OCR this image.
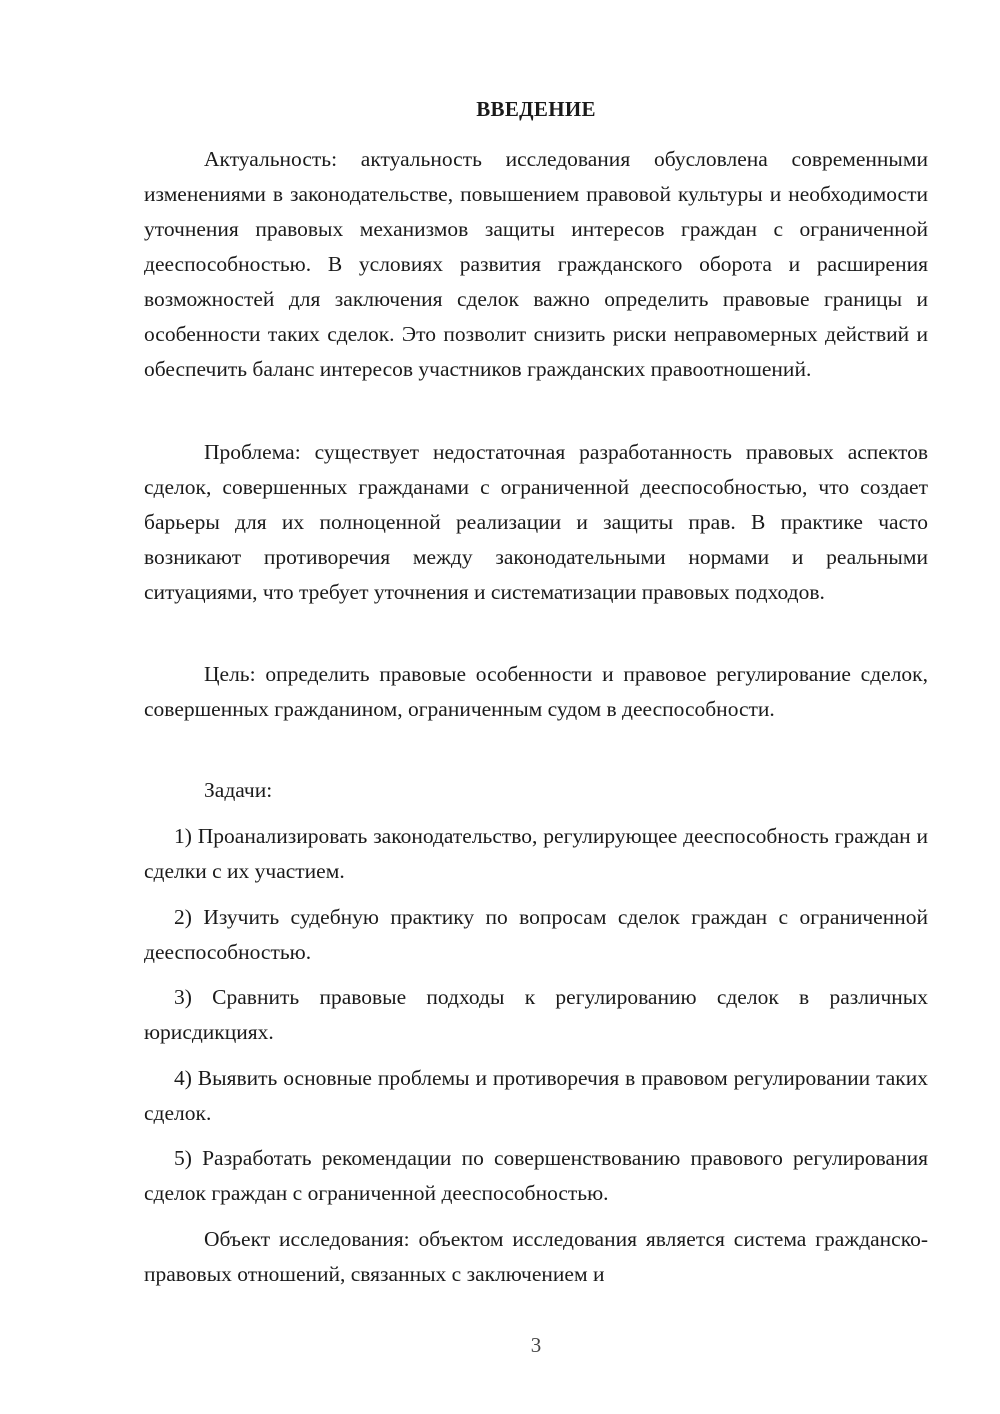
ВВЕДЕНИЕ

Актуальность: актуальность исследования обусловлена современными изменениями в законодательстве, повышением правовой культуры и необходимости уточнения правовых механизмов защиты интересов граждан с ограниченной дееспособностью. В условиях развития гражданского оборота и расширения возможностей для заключения сделок важно определить правовые границы и особенности таких сделок. Это позволит снизить риски неправомерных действий и обеспечить баланс интересов участников гражданских правоотношений.

Проблема: существует недостаточная разработанность правовых аспектов сделок, совершенных гражданами с ограниченной дееспособностью, что создает барьеры для их полноценной реализации и защиты прав. В практике часто возникают противоречия между законодательными нормами и реальными ситуациями, что требует уточнения и систематизации правовых подходов.

Цель: определить правовые особенности и правовое регулирование сделок, совершенных гражданином, ограниченным судом в дееспособности.

Задачи:

1) Проанализировать законодательство, регулирующее дееспособность граждан и сделки с их участием.

2) Изучить судебную практику по вопросам сделок граждан с ограниченной дееспособностью.

3) Сравнить правовые подходы к регулированию сделок в различных юрисдикциях.

4) Выявить основные проблемы и противоречия в правовом регулировании таких сделок.

5) Разработать рекомендации по совершенствованию правового регулирования сделок граждан с ограниченной дееспособностью.

Объект исследования: объектом исследования является система гражданско-правовых отношений, связанных с заключением и

3
